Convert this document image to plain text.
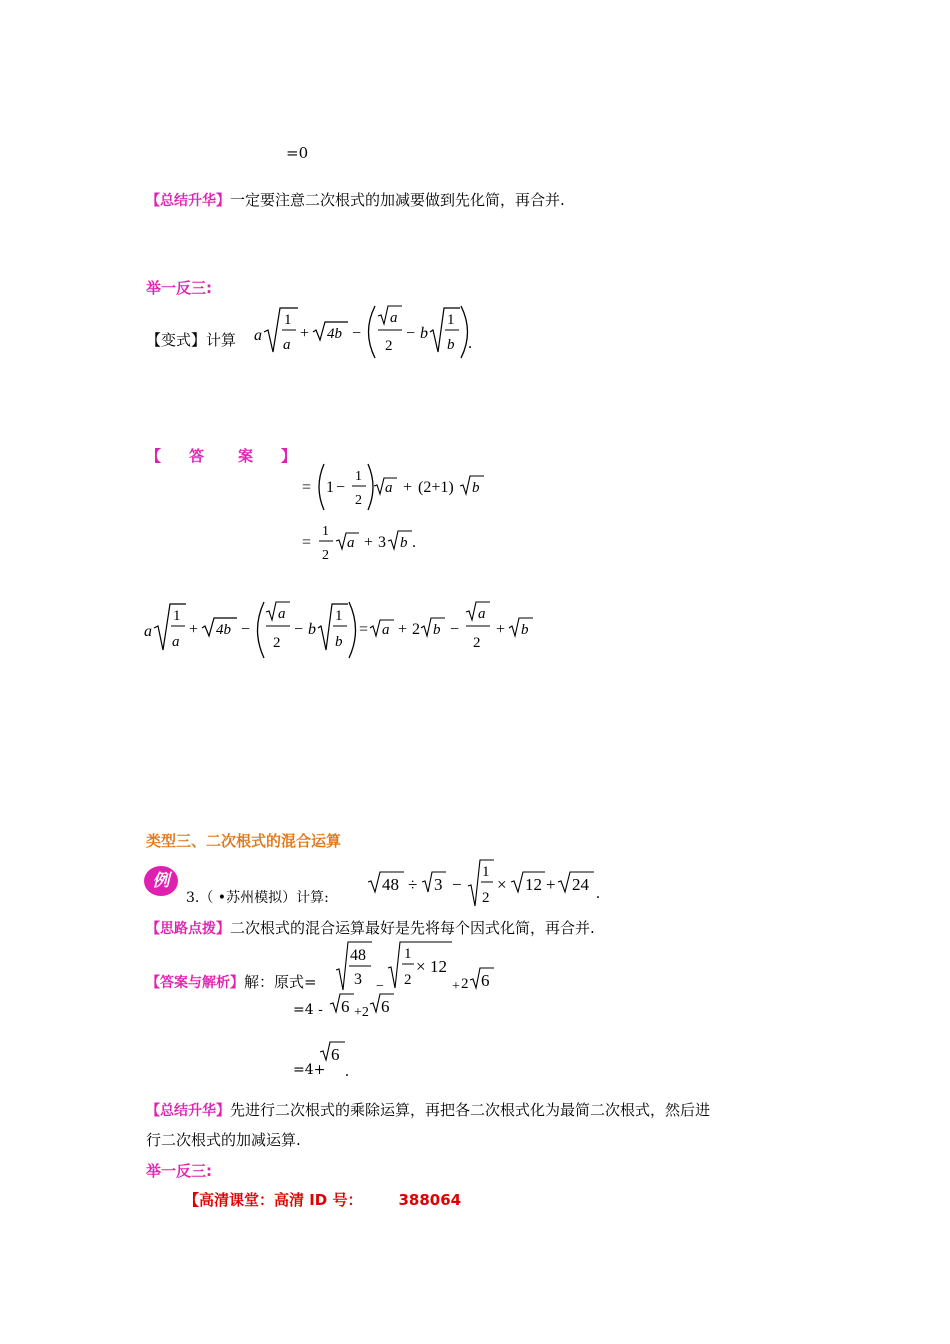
=0
【总结升华】一定要注意二次根式的加减要做到先化简，再合并.
举一反三:
【变式】计算 a
1
a
+ 4b −
a
2
− b
1
b .
【 答 案 】
= 1 −
1
2
a + (2+1) b
=
1
2
a + 3 b .
a
1
a
+ 4b −
a
2
− b
1
b
= a + 2 b −
a
2
+ b
类型三、二次根式的混合运算
例
3.（ •苏州模拟）计算:
48 ÷ 3 −
1
2
× 12 + 24 .
【思路点拨】二次根式的混合运算最好是先将每个因式化简，再合并.
【答案与解析】解：原式=
48
3 −
1
2
× 12
+ 2 6
=4 - 6 +2 6
=4+
6
.
【总结升华】先进行二次根式的乘除运算，再把各二次根式化为最简二次根式，然后进
行二次根式的加减运算.
举一反三:
【高清课堂：高清 ID 号： 388064
